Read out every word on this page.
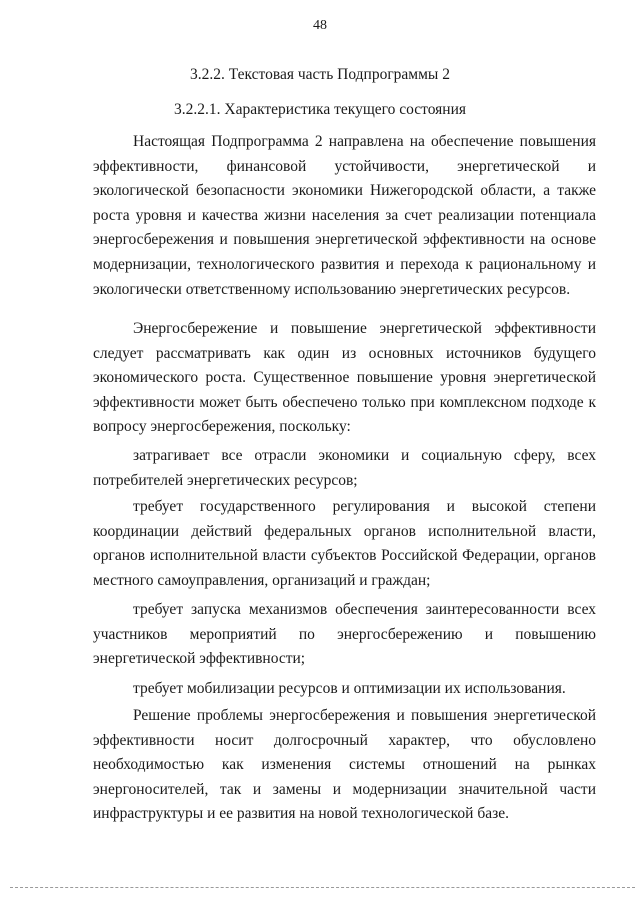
48
3.2.2. Текстовая часть Подпрограммы 2
3.2.2.1. Характеристика текущего состояния

Настоящая Подпрограмма 2 направлена на обеспечение повышения эффективности, финансовой устойчивости, энергетической и экологической безопасности экономики Нижегородской области, а также роста уровня и качества жизни населения за счет реализации потенциала энергосбережения и повышения энергетической эффективности на основе модернизации, технологического развития и перехода к рациональному и экологически ответственному использованию энергетических ресурсов.

Энергосбережение и повышение энергетической эффективности следует рассматривать как один из основных источников будущего экономического роста. Существенное повышение уровня энергетической эффективности может быть обеспечено только при комплексном подходе к вопросу энергосбережения, поскольку:

затрагивает все отрасли экономики и социальную сферу, всех потребителей энергетических ресурсов;

требует государственного регулирования и высокой степени координации действий федеральных органов исполнительной власти, органов исполнительной власти субъектов Российской Федерации, органов местного самоуправления, организаций и граждан;

требует запуска механизмов обеспечения заинтересованности всех участников мероприятий по энергосбережению и повышению энергетической эффективности;

требует мобилизации ресурсов и оптимизации их использования.

Решение проблемы энергосбережения и повышения энергетической эффективности носит долгосрочный характер, что обусловлено необходимостью как изменения системы отношений на рынках энергоносителей, так и замены и модернизации значительной части инфраструктуры и ее развития на новой технологической базе.
